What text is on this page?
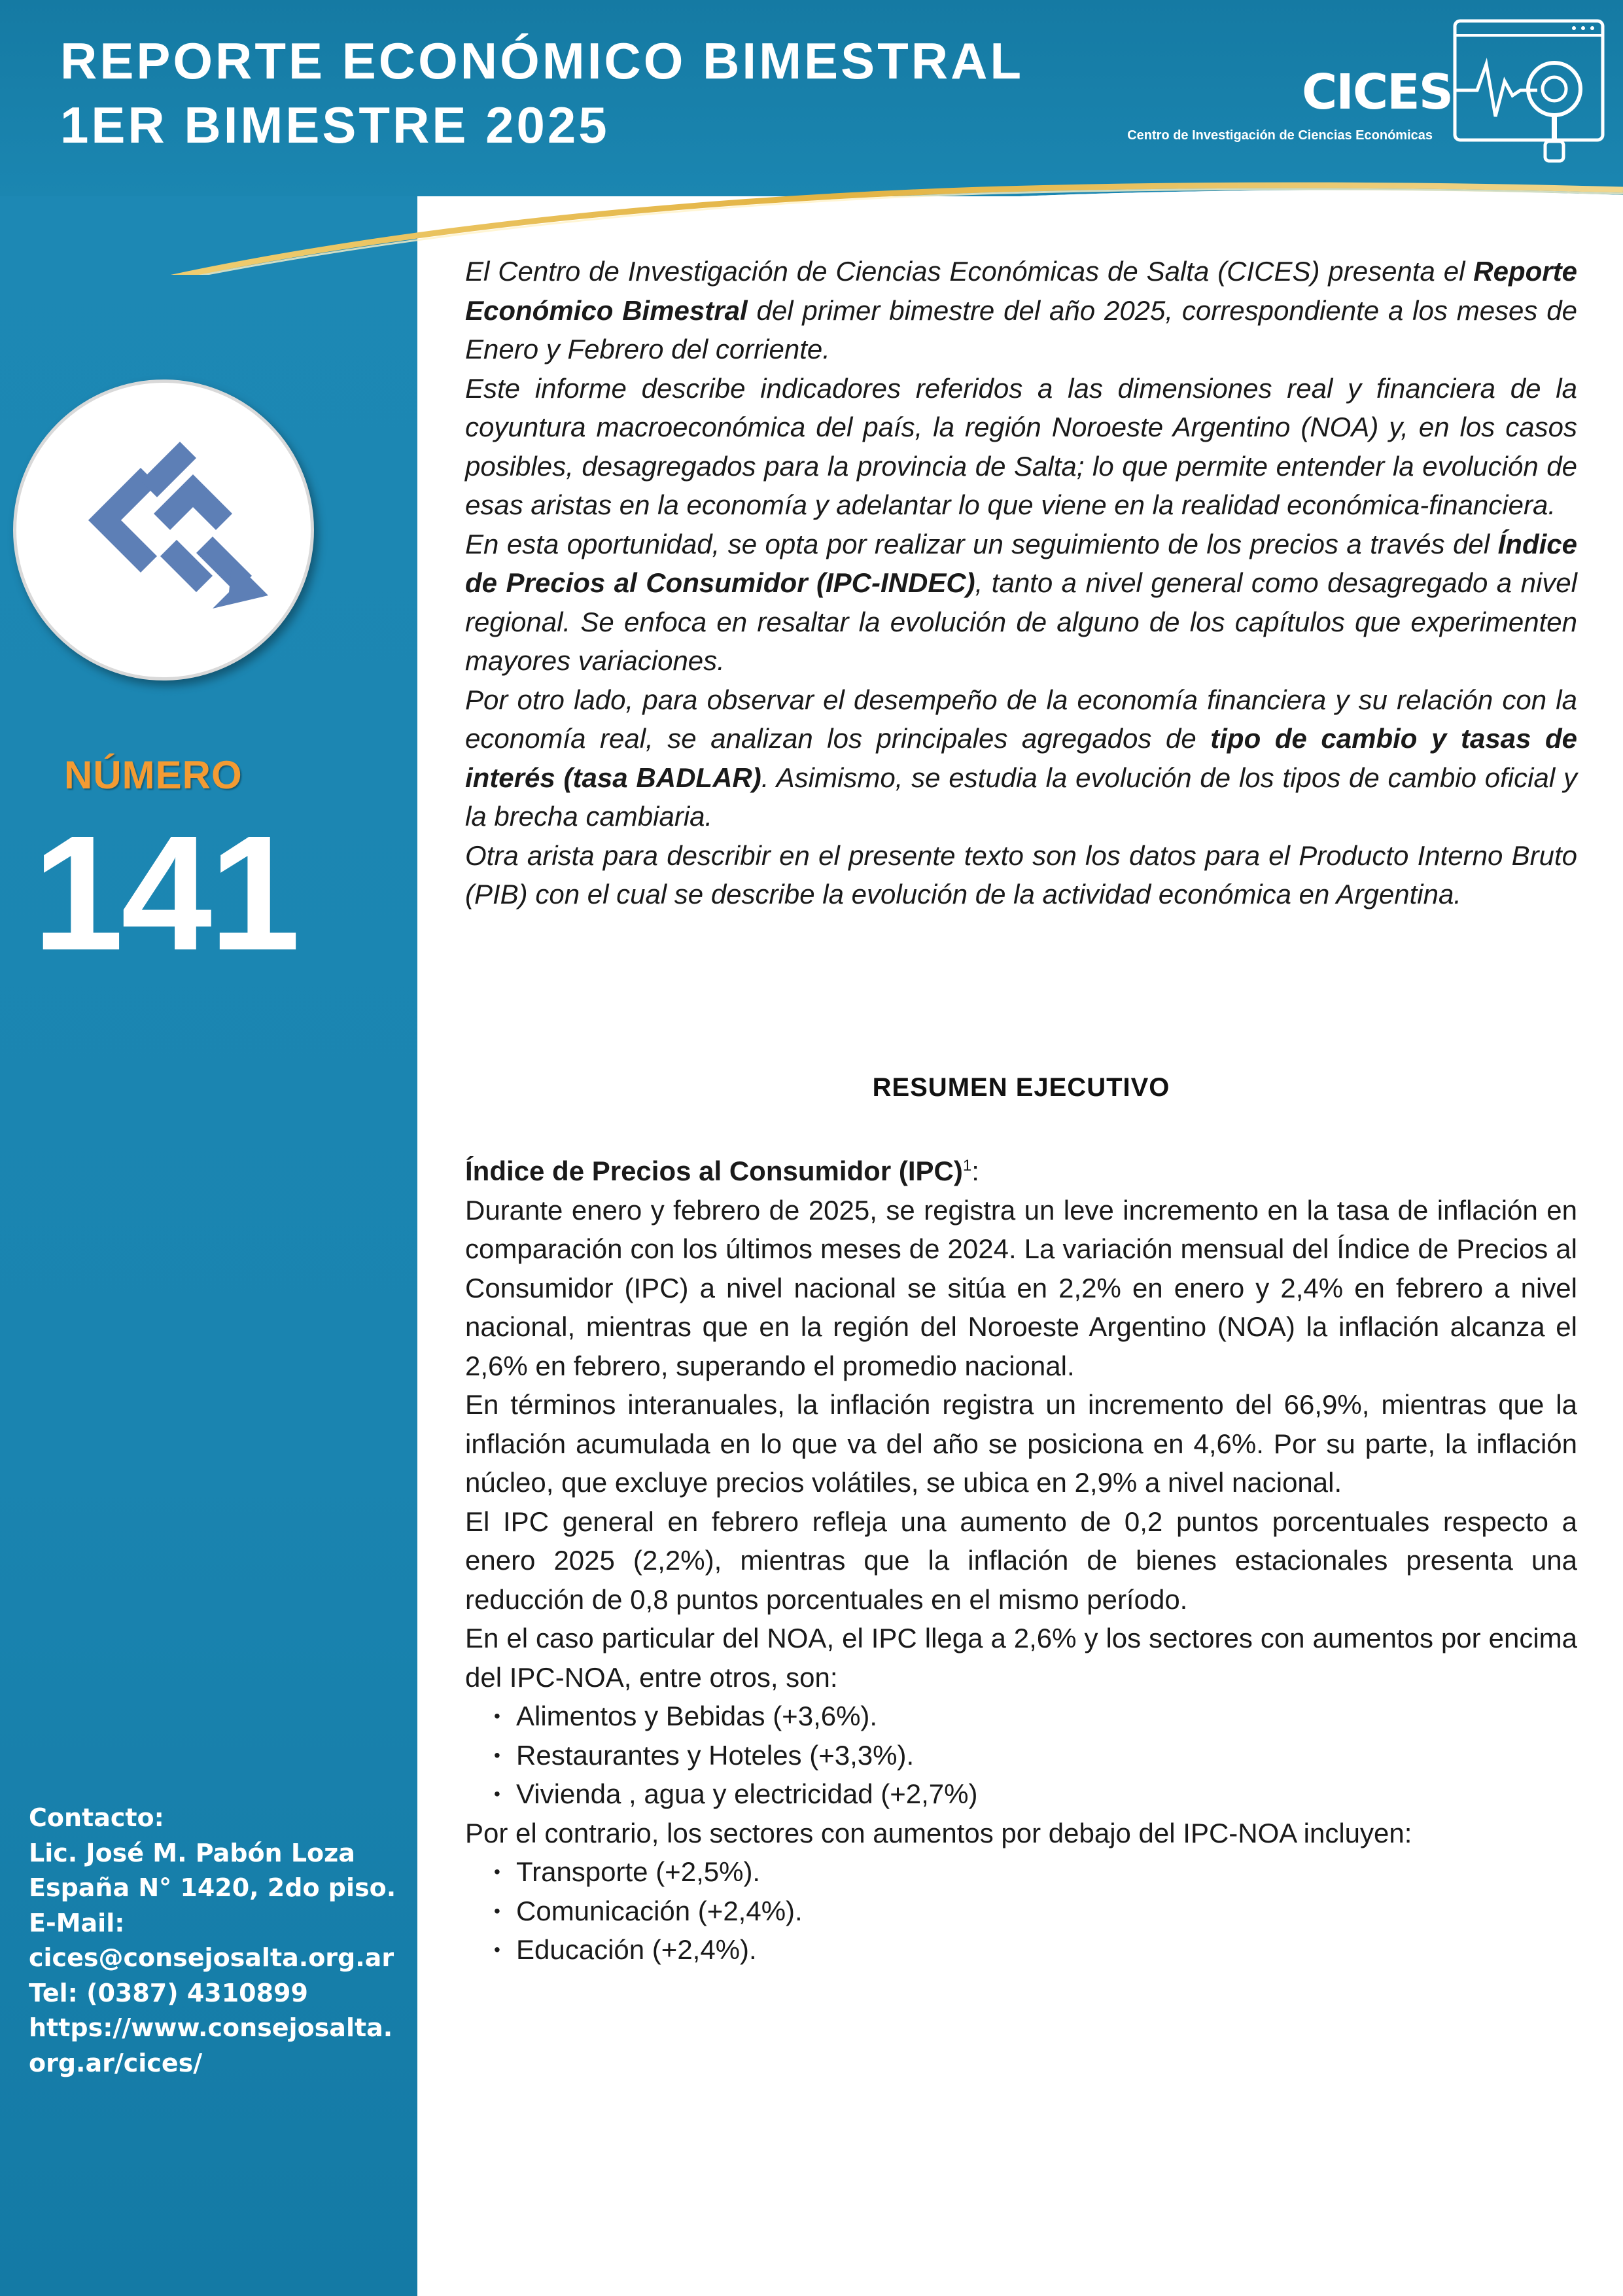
REPORTE ECONÓMICO BIMESTRAL
1ER BIMESTRE 2025
CICES
Centro de Investigación de Ciencias Económicas
NÚMERO
141
Contacto:
Lic. José M. Pabón Loza
España N° 1420, 2do piso.
E-Mail:
cices@consejosalta.org.ar
Tel: (0387) 4310899
https://www.consejosalta.
org.ar/cices/

El Centro de Investigación de Ciencias Económicas de Salta (CICES) presenta el Reporte Económico Bimestral del primer bimestre del año 2025, correspondiente a los meses de Enero y Febrero del corriente.

Este informe describe indicadores referidos a las dimensiones real y financiera de la coyuntura macroeconómica del país, la región Noroeste Argentino (NOA) y, en los casos posibles, desagregados para la provincia de Salta; lo que permite entender la evolución de esas aristas en la economía y adelantar lo que viene en la realidad económica-financiera.

En esta oportunidad, se opta por realizar un seguimiento de los precios a través del Índice de Precios al Consumidor (IPC-INDEC), tanto a nivel general como desagregado a nivel regional. Se enfoca en resaltar la evolución de alguno de los capítulos que experimenten mayores variaciones.

Por otro lado, para observar el desempeño de la economía financiera y su relación con la economía real, se analizan los principales agregados de tipo de cambio y tasas de interés (tasa BADLAR). Asimismo, se estudia la evolución de los tipos de cambio oficial y la brecha cambiaria.

Otra arista para describir en el presente texto son los datos para el Producto Interno Bruto (PIB) con el cual se describe la evolución de la actividad económica en Argentina.

RESUMEN EJECUTIVO

Índice de Precios al Consumidor (IPC)$^1$:

Durante enero y febrero de 2025, se registra un leve incremento en la tasa de inflación en comparación con los últimos meses de 2024. La variación mensual del Índice de Precios al Consumidor (IPC) a nivel nacional se sitúa en 2,2% en enero y 2,4% en febrero a nivel nacional, mientras que en la región del Noroeste Argentino (NOA) la inflación alcanza el 2,6% en febrero, superando el promedio nacional.

En términos interanuales, la inflación registra un incremento del 66,9%, mientras que la inflación acumulada en lo que va del año se posiciona en 4,6%. Por su parte, la inflación núcleo, que excluye precios volátiles, se ubica en 2,9% a nivel nacional.

El IPC general en febrero refleja una aumento de 0,2 puntos porcentuales respecto a enero 2025 (2,2%), mientras que la inflación de bienes estacionales presenta una reducción de 0,8 puntos porcentuales en el mismo período.

En el caso particular del NOA, el IPC llega a 2,6% y los sectores con aumentos por encima del IPC-NOA, entre otros, son:

• Alimentos y Bebidas (+3,6%).
• Restaurantes y Hoteles (+3,3%).
• Vivienda , agua y electricidad (+2,7%)

Por el contrario, los sectores con aumentos por debajo del IPC-NOA incluyen:

• Transporte (+2,5%).
• Comunicación (+2,4%).
• Educación (+2,4%).
